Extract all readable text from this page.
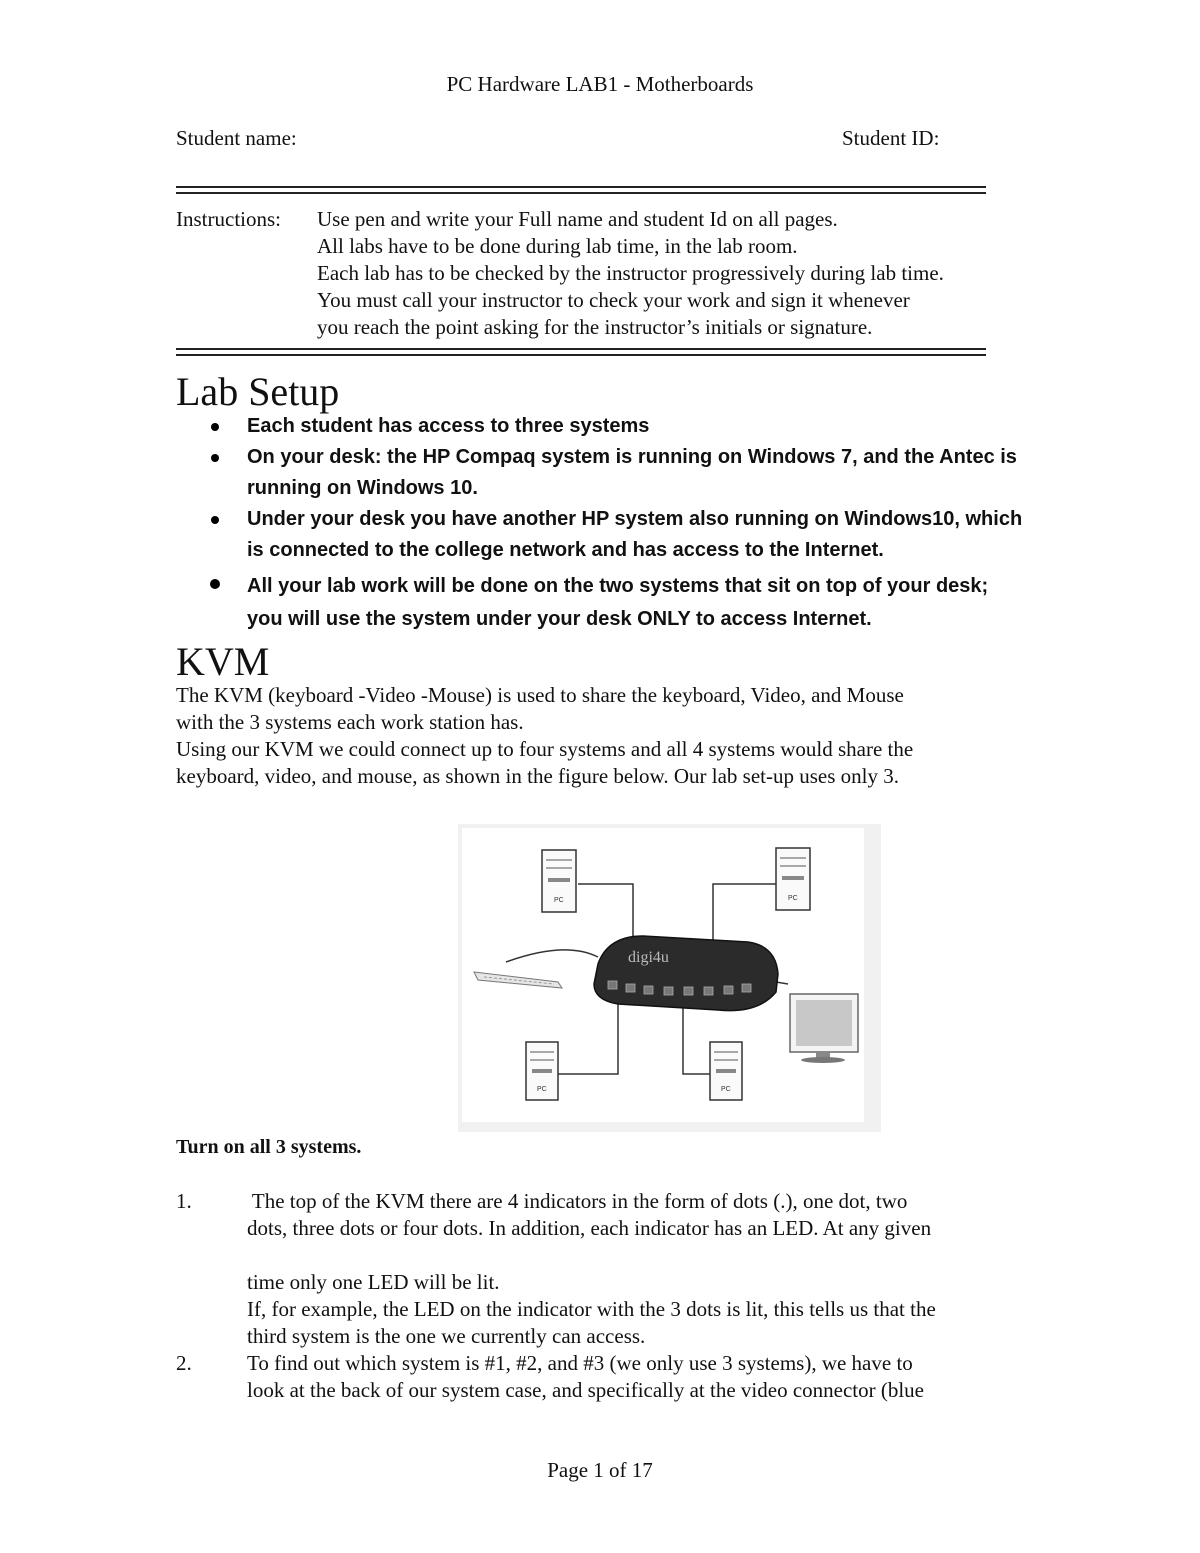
PC Hardware LAB1 - Motherboards
Student name:	Student ID:
Instructions: Use pen and write your Full name and student Id on all pages.
All labs have to be done during lab time, in the lab room.
Each lab has to be checked by the instructor progressively during lab time.
You must call your instructor to check your work and sign it whenever
you reach the point asking for the instructor’s initials or signature.
Lab Setup
Each student has access to three systems
On your desk: the HP Compaq system is running on Windows 7, and the Antec is
running on Windows 10.
Under your desk you have another HP system also running on Windows10, which
is connected to the college network and has access to the Internet.
All your lab work will be done on the two systems that sit on top of your desk;
you will use the system under your desk ONLY to access Internet.
KVM
The KVM (keyboard -Video -Mouse) is used to share the keyboard, Video, and Mouse
with the 3 systems each work station has.
Using our KVM we could connect up to four systems and all 4 systems would share the
keyboard, video, and mouse, as shown in the figure below. Our lab set-up uses only 3.
digi4u
PC	PC
PC	PC
Turn on all 3 systems.
1.	The top of the KVM there are 4 indicators in the form of dots (.), one dot, two
dots, three dots or four dots. In addition, each indicator has an LED. At any given
time only one LED will be lit.
If, for example, the LED on the indicator with the 3 dots is lit, this tells us that the
third system is the one we currently can access.
2.	To find out which system is #1, #2, and #3 (we only use 3 systems), we have to
look at the back of our system case, and specifically at the video connector (blue
Page 1 of 17
